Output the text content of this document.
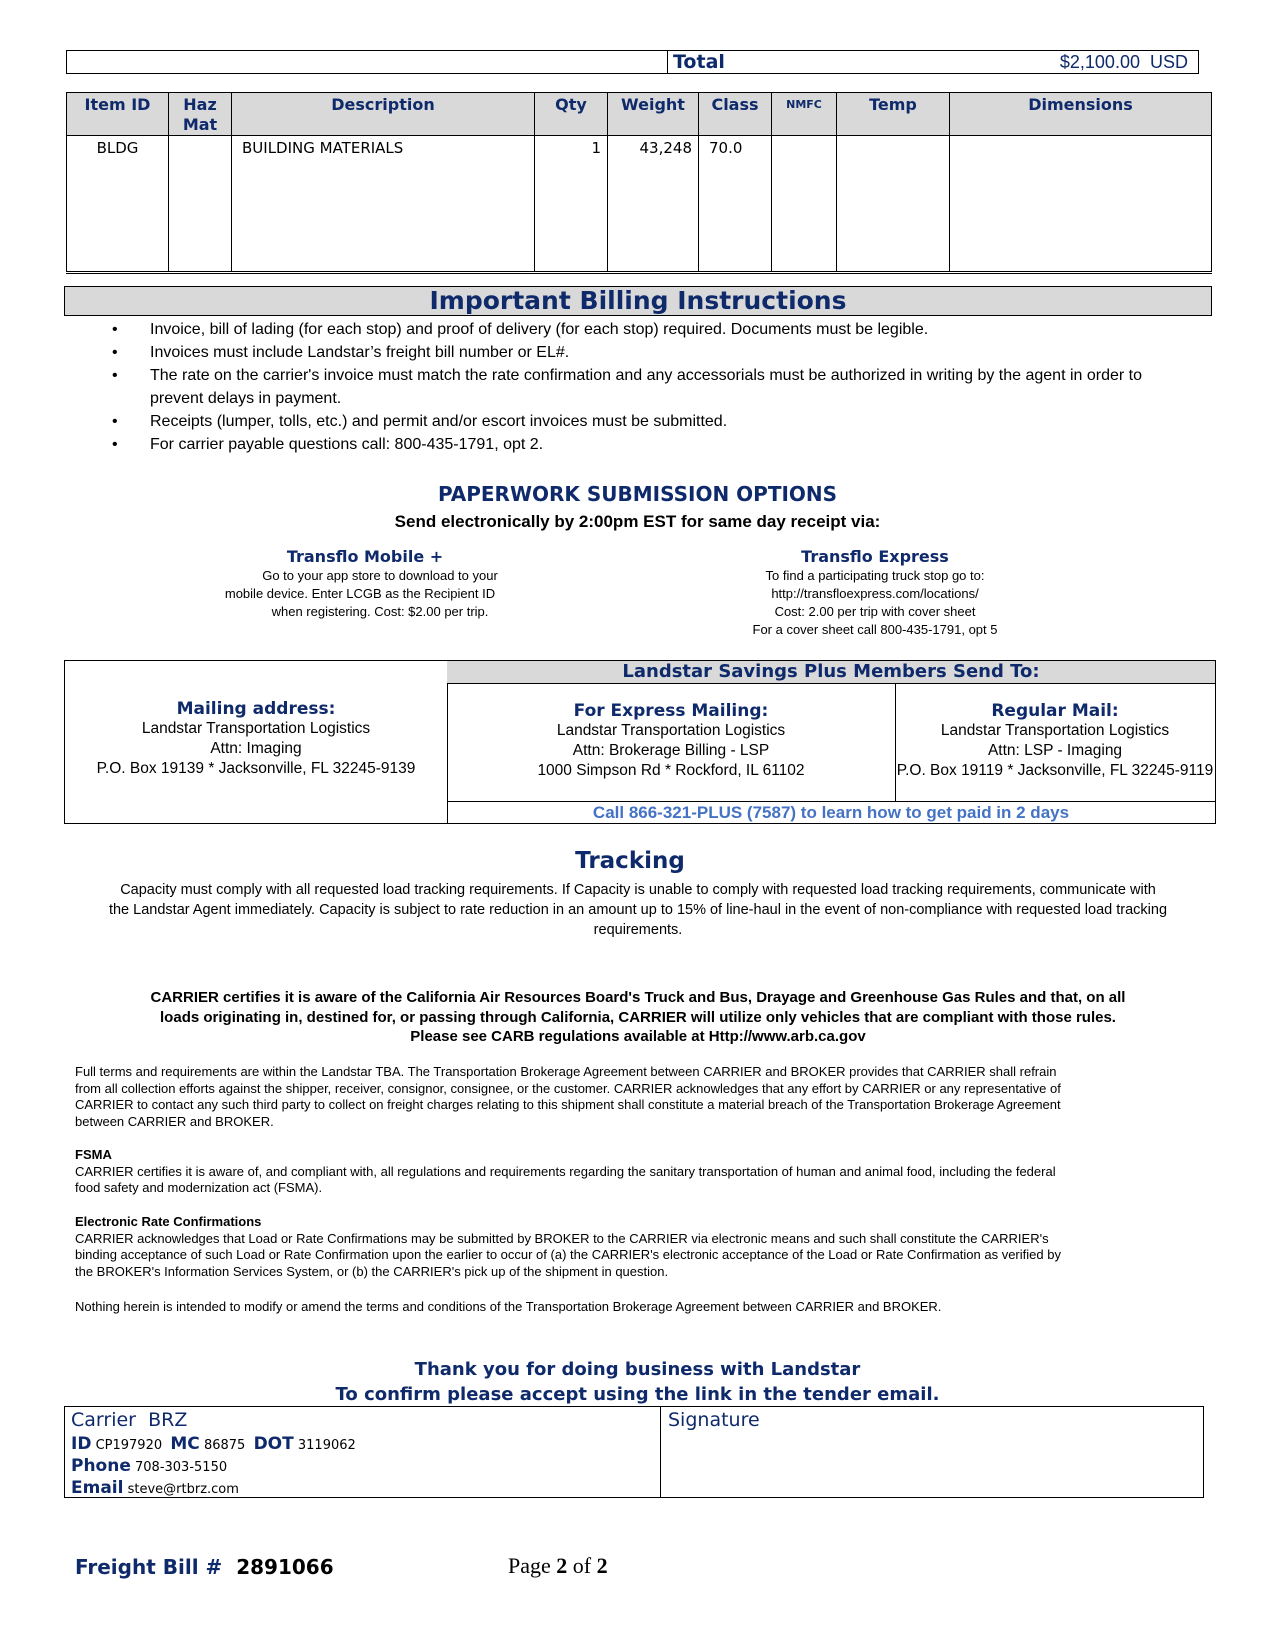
Total	$2,100.00 USD
Item ID	Haz Mat	Description	Qty	Weight	Class	NMFC	Temp	Dimensions
BLDG		BUILDING MATERIALS	1	43,248	70.0			
Important Billing Instructions
• Invoice, bill of lading (for each stop) and proof of delivery (for each stop) required. Documents must be legible.
• Invoices must include Landstar’s freight bill number or EL#.
• The rate on the carrier's invoice must match the rate confirmation and any accessorials must be authorized in writing by the agent in order to prevent delays in payment.
• Receipts (lumper, tolls, etc.) and permit and/or escort invoices must be submitted.
• For carrier payable questions call: 800-435-1791, opt 2.
PAPERWORK SUBMISSION OPTIONS
Send electronically by 2:00pm EST for same day receipt via:
Transflo Mobile +
Go to your app store to download to your
mobile device. Enter LCGB as the Recipient ID
when registering. Cost: $2.00 per trip.
Transflo Express
To find a participating truck stop go to:
http://transfloexpress.com/locations/
Cost: 2.00 per trip with cover sheet
For a cover sheet call 800-435-1791, opt 5
Landstar Savings Plus Members Send To:
Mailing address:
Landstar Transportation Logistics
Attn: Imaging
P.O. Box 19139 * Jacksonville, FL 32245-9139
For Express Mailing:
Landstar Transportation Logistics
Attn: Brokerage Billing - LSP
1000 Simpson Rd * Rockford, IL 61102
Regular Mail:
Landstar Transportation Logistics
Attn: LSP - Imaging
P.O. Box 19119 * Jacksonville, FL 32245-9119
Call 866-321-PLUS (7587) to learn how to get paid in 2 days
Tracking
Capacity must comply with all requested load tracking requirements. If Capacity is unable to comply with requested load tracking requirements, communicate with
the Landstar Agent immediately. Capacity is subject to rate reduction in an amount up to 15% of line-haul in the event of non-compliance with requested load tracking
requirements.
CARRIER certifies it is aware of the California Air Resources Board's Truck and Bus, Drayage and Greenhouse Gas Rules and that, on all
loads originating in, destined for, or passing through California, CARRIER will utilize only vehicles that are compliant with those rules.
Please see CARB regulations available at Http://www.arb.ca.gov
Full terms and requirements are within the Landstar TBA. The Transportation Brokerage Agreement between CARRIER and BROKER provides that CARRIER shall refrain
from all collection efforts against the shipper, receiver, consignor, consignee, or the customer. CARRIER acknowledges that any effort by CARRIER or any representative of
CARRIER to contact any such third party to collect on freight charges relating to this shipment shall constitute a material breach of the Transportation Brokerage Agreement
between CARRIER and BROKER.
FSMA
CARRIER certifies it is aware of, and compliant with, all regulations and requirements regarding the sanitary transportation of human and animal food, including the federal
food safety and modernization act (FSMA).
Electronic Rate Confirmations
CARRIER acknowledges that Load or Rate Confirmations may be submitted by BROKER to the CARRIER via electronic means and such shall constitute the CARRIER's
binding acceptance of such Load or Rate Confirmation upon the earlier to occur of (a) the CARRIER's electronic acceptance of the Load or Rate Confirmation as verified by
the BROKER's Information Services System, or (b) the CARRIER's pick up of the shipment in question.
Nothing herein is intended to modify or amend the terms and conditions of the Transportation Brokerage Agreement between CARRIER and BROKER.
Thank you for doing business with Landstar
To confirm please accept using the link in the tender email.
Carrier BRZ
ID CP197920 MC 86875 DOT 3119062
Phone 708-303-5150
Email steve@rtbrz.com
Signature
Freight Bill # 2891066	Page 2 of 2
